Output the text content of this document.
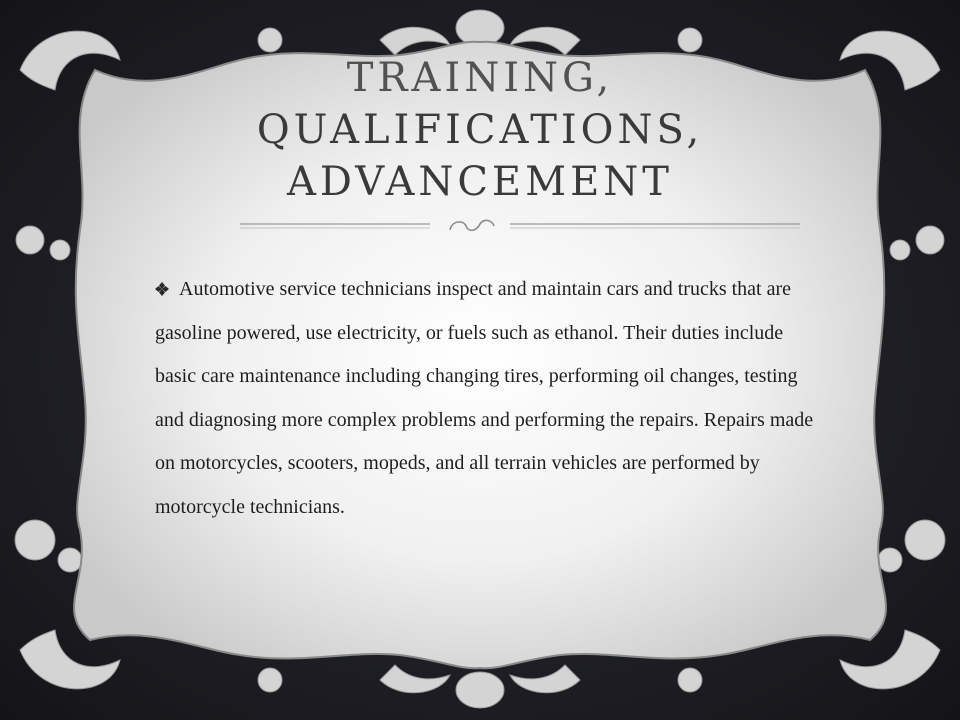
TRAINING,
QUALIFICATIONS,
ADVANCEMENT
Automotive service technicians inspect and maintain cars and trucks that are gasoline powered, use electricity, or fuels such as ethanol. Their duties include basic care maintenance including changing tires, performing oil changes, testing and diagnosing more complex problems and performing the repairs. Repairs made on motorcycles, scooters, mopeds, and all terrain vehicles are performed by motorcycle technicians.
